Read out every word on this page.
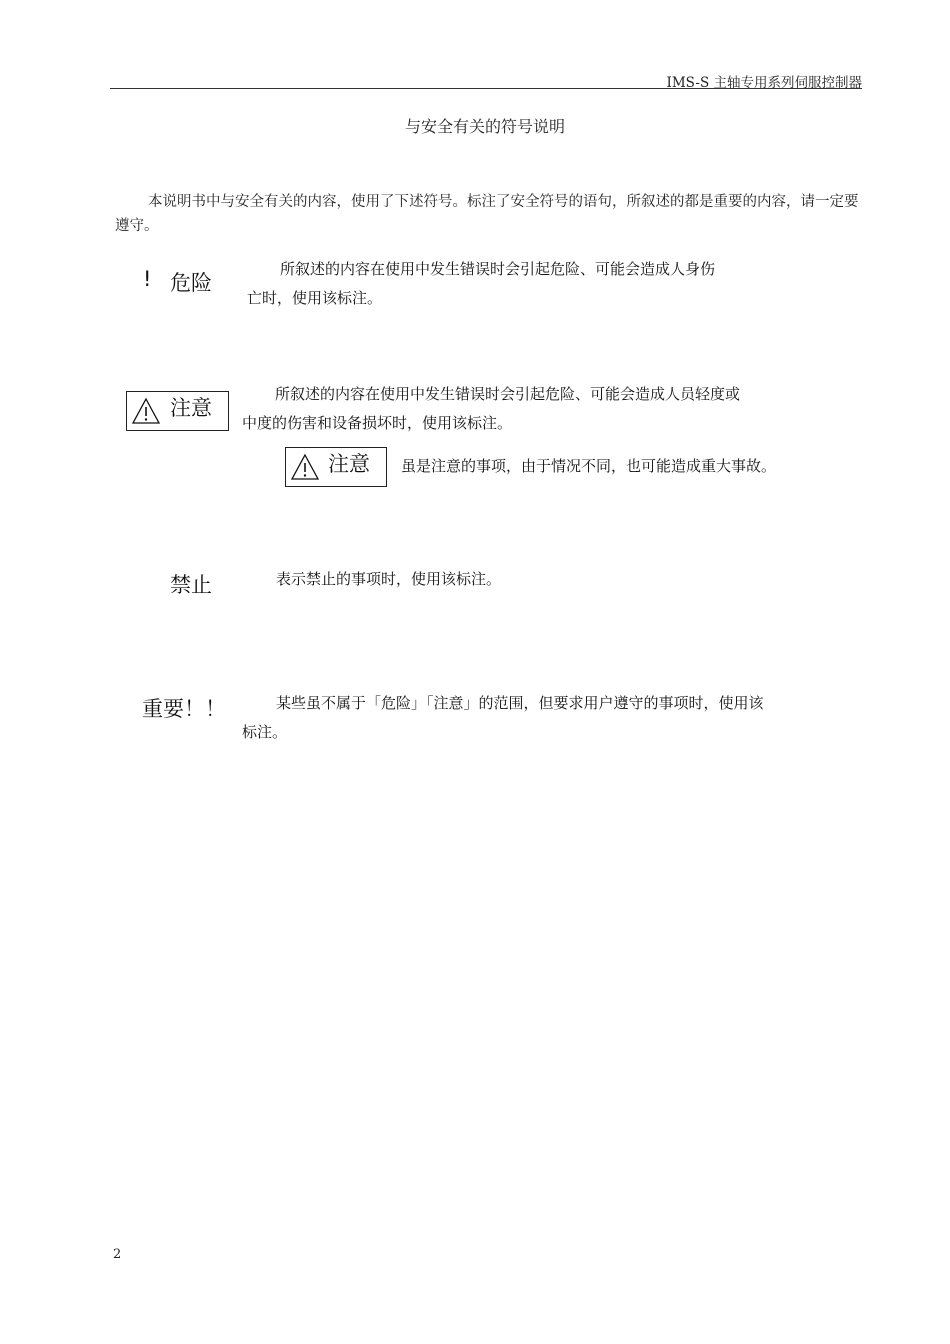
IMS-S 主轴专用系列伺服控制器
与安全有关的符号说明
本说明书中与安全有关的内容，使用了下述符号。标注了安全符号的语句，所叙述的都是重要的内容，请一定要遵守。
! 危险
所叙述的内容在使用中发生错误时会引起危险、可能会造成人身伤
亡时，使用该标注。
注意
所叙述的内容在使用中发生错误时会引起危险、可能会造成人员轻度或
中度的伤害和设备损坏时，使用该标注。
注意 虽是注意的事项，由于情况不同，也可能造成重大事故。
禁止	表示禁止的事项时，使用该标注。
重要！！	某些虽不属于「危险」「注意」的范围，但要求用户遵守的事项时，使用该
标注。
2
